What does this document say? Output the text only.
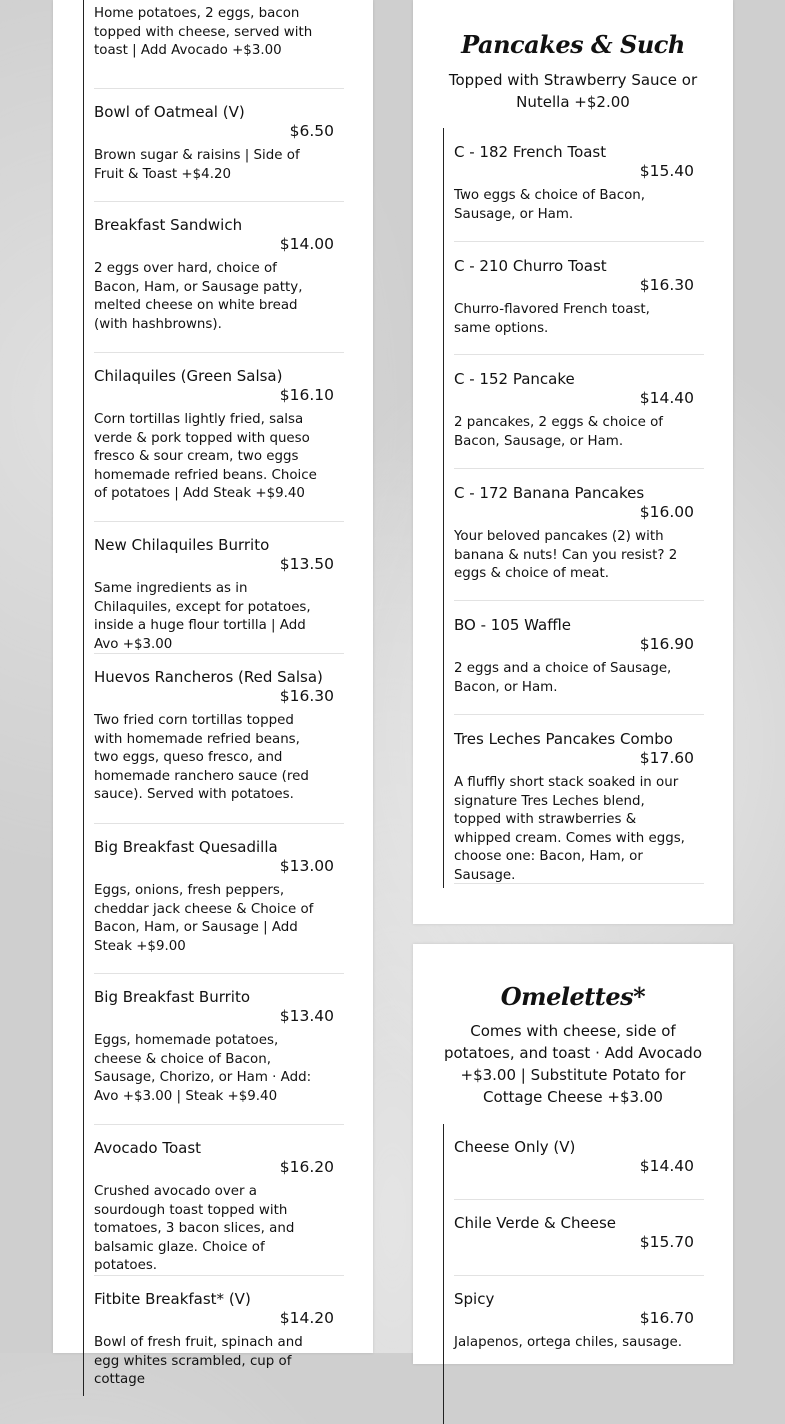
Home potatoes, 2 eggs, bacon topped with cheese, served with toast | Add Avocado +$3.00
Bowl of Oatmeal (V)
$6.50
Brown sugar & raisins | Side of Fruit & Toast +$4.20
Breakfast Sandwich
$14.00
2 eggs over hard, choice of Bacon, Ham, or Sausage patty, melted cheese on white bread (with hashbrowns).
Chilaquiles (Green Salsa)
$16.10
Corn tortillas lightly fried, salsa verde & pork topped with queso fresco & sour cream, two eggs homemade refried beans. Choice of potatoes | Add Steak +$9.40
New Chilaquiles Burrito
$13.50
Same ingredients as in Chilaquiles, except for potatoes, inside a huge flour tortilla | Add Avo +$3.00
Huevos Rancheros (Red Salsa)
$16.30
Two fried corn tortillas topped with homemade refried beans, two eggs, queso fresco, and homemade ranchero sauce (red sauce). Served with potatoes.
Big Breakfast Quesadilla
$13.00
Eggs, onions, fresh peppers, cheddar jack cheese & Choice of Bacon, Ham, or Sausage | Add Steak +$9.00
Big Breakfast Burrito
$13.40
Eggs, homemade potatoes, cheese & choice of Bacon, Sausage, Chorizo, or Ham · Add: Avo +$3.00 | Steak +$9.40
Avocado Toast
$16.20
Crushed avocado over a sourdough toast topped with tomatoes, 3 bacon slices, and balsamic glaze. Choice of potatoes.
Fitbite Breakfast* (V)
$14.20
Bowl of fresh fruit, spinach and egg whites scrambled, cup of cottage
Pancakes & Such
Topped with Strawberry Sauce or Nutella +$2.00
C - 182 French Toast
$15.40
Two eggs & choice of Bacon, Sausage, or Ham.
C - 210 Churro Toast
$16.30
Churro-flavored French toast, same options.
C - 152 Pancake
$14.40
2 pancakes, 2 eggs & choice of Bacon, Sausage, or Ham.
C - 172 Banana Pancakes
$16.00
Your beloved pancakes (2) with banana & nuts! Can you resist? 2 eggs & choice of meat.
BO - 105 Waffle
$16.90
2 eggs and a choice of Sausage, Bacon, or Ham.
Tres Leches Pancakes Combo
$17.60
A fluffly short stack soaked in our signature Tres Leches blend, topped with strawberries & whipped cream. Comes with eggs, choose one: Bacon, Ham, or Sausage.
Omelettes*
Comes with cheese, side of potatoes, and toast · Add Avocado +$3.00 | Substitute Potato for Cottage Cheese +$3.00
Cheese Only (V)
$14.40
Chile Verde & Cheese
$15.70
Spicy
$16.70
Jalapenos, ortega chiles, sausage.
